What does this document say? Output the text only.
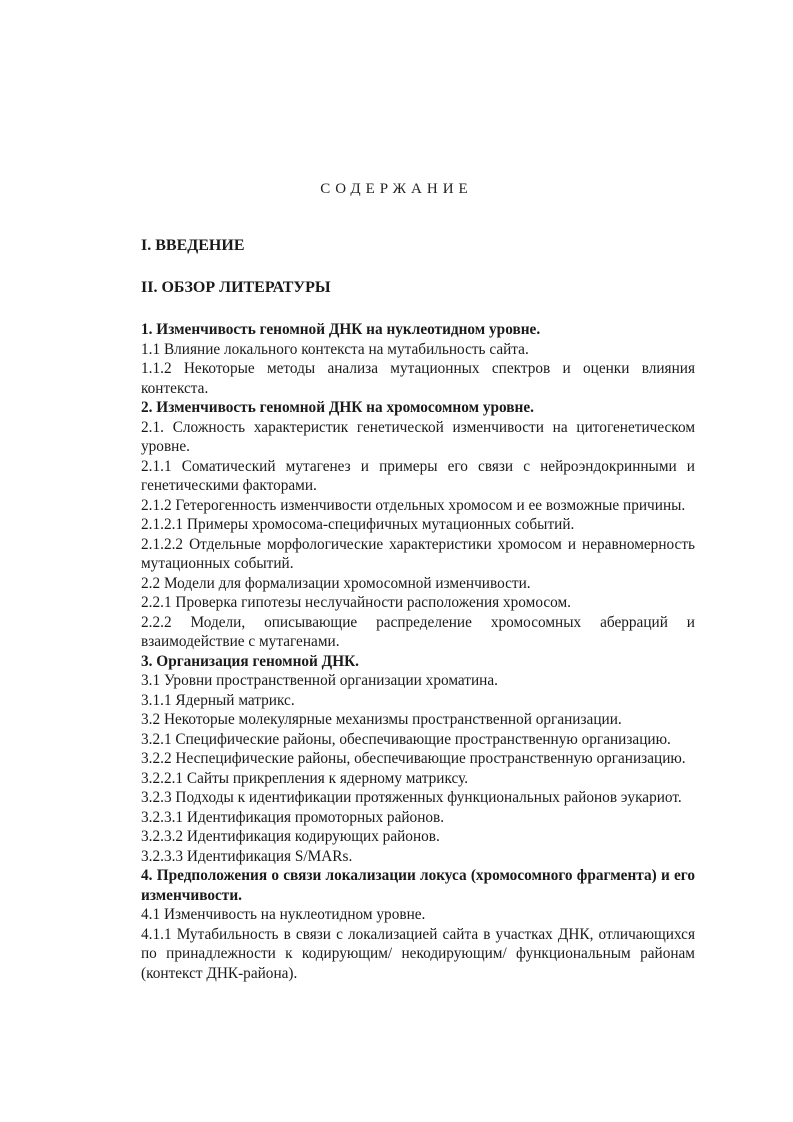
СОДЕРЖАНИЕ
I. ВВЕДЕНИЕ
II. ОБЗОР ЛИТЕРАТУРЫ

1. Изменчивость геномной ДНК на нуклеотидном уровне.

1.1 Влияние локального контекста на мутабильность сайта.

1.1.2 Некоторые методы анализа мутационных спектров и оценки влияния контекста.

2. Изменчивость геномной ДНК на хромосомном уровне.

2.1. Сложность характеристик генетической изменчивости на цитогенетическом уровне.

2.1.1 Соматический мутагенез и примеры его связи с нейроэндокринными и генетическими факторами.

2.1.2 Гетерогенность изменчивости отдельных хромосом и ее возможные причины.

2.1.2.1 Примеры хромосома-специфичных мутационных событий.

2.1.2.2 Отдельные морфологические характеристики хромосом и неравномерность мутационных событий.

2.2 Модели для формализации хромосомной изменчивости.

2.2.1 Проверка гипотезы неслучайности расположения хромосом.

2.2.2 Модели, описывающие распределение хромосомных аберраций и взаимодействие с мутагенами.

3. Организация геномной ДНК.

3.1 Уровни пространственной организации хроматина.

3.1.1 Ядерный матрикс.

3.2 Некоторые молекулярные механизмы пространственной организации.

3.2.1 Специфические районы, обеспечивающие пространственную организацию.

3.2.2 Неспецифические районы, обеспечивающие пространственную организацию.

3.2.2.1 Сайты прикрепления к ядерному матриксу.

3.2.3 Подходы к идентификации протяженных функциональных районов эукариот.

3.2.3.1 Идентификация промоторных районов.

3.2.3.2 Идентификация кодирующих районов.

3.2.3.3 Идентификация S/MARs.

4. Предположения о связи локализации локуса (хромосомного фрагмента) и его изменчивости.

4.1 Изменчивость на нуклеотидном уровне.

4.1.1 Мутабильность в связи с локализацией сайта в участках ДНК, отличающихся по принадлежности к кодирующим/ некодирующим/ функциональным районам (контекст ДНК-района).
